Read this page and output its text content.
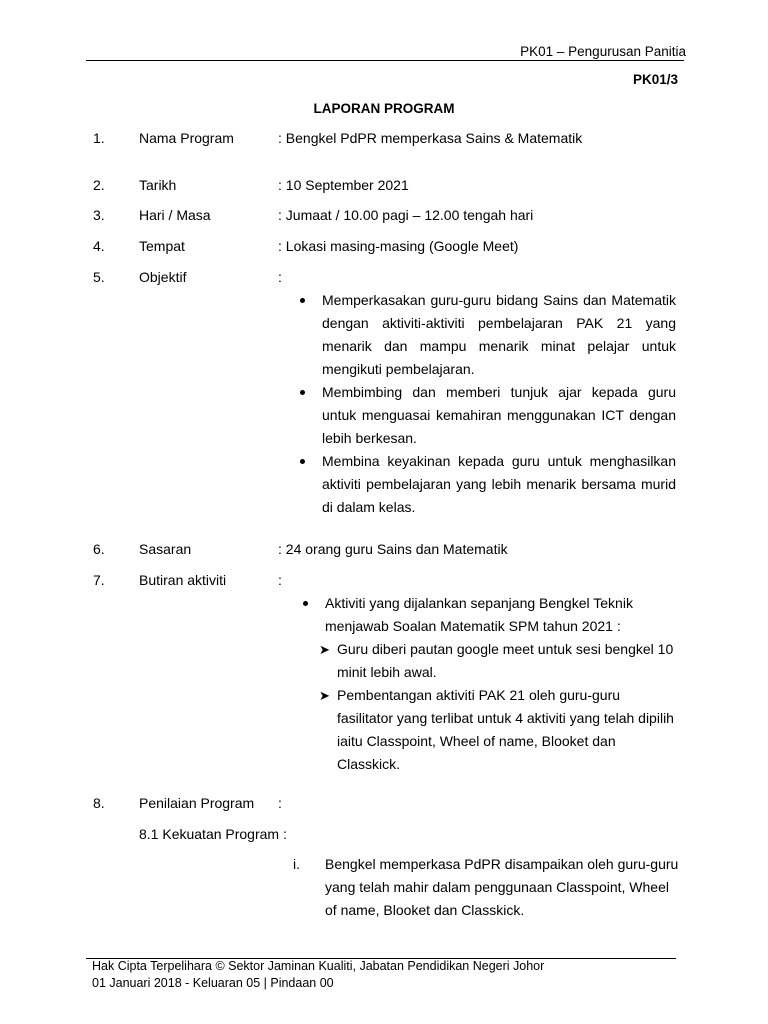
PK01 – Pengurusan Panitia
PK01/3
LAPORAN PROGRAM
1. Nama Program	: Bengkel PdPR memperkasa Sains & Matematik
2. Tarikh	: 10 September 2021
3. Hari / Masa	: Jumaat / 10.00 pagi – 12.00 tengah hari
4. Tempat	: Lokasi masing-masing (Google Meet)
5. Objektif	:
Memperkasakan guru-guru bidang Sains dan Matematik dengan aktiviti-aktiviti pembelajaran PAK 21 yang menarik dan mampu menarik minat pelajar untuk mengikuti pembelajaran.
Membimbing dan memberi tunjuk ajar kepada guru untuk menguasai kemahiran menggunakan ICT dengan lebih berkesan.
Membina keyakinan kepada guru untuk menghasilkan aktiviti pembelajaran yang lebih menarik bersama murid di dalam kelas.
6. Sasaran	: 24 orang guru Sains dan Matematik
7. Butiran aktiviti	:
Aktiviti yang dijalankan sepanjang Bengkel Teknik menjawab Soalan Matematik SPM tahun 2021 :
➤ Guru diberi pautan google meet untuk sesi bengkel 10 minit lebih awal.
➤ Pembentangan aktiviti PAK 21 oleh guru-guru fasilitator yang terlibat untuk 4 aktiviti yang telah dipilih iaitu Classpoint, Wheel of name, Blooket dan Classkick.
8. Penilaian Program :
8.1 Kekuatan Program :
i. Bengkel memperkasa PdPR disampaikan oleh guru-guru yang telah mahir dalam penggunaan Classpoint, Wheel of name, Blooket dan Classkick.
Hak Cipta Terpelihara © Sektor Jaminan Kualiti, Jabatan Pendidikan Negeri Johor
01 Januari 2018 - Keluaran 05 | Pindaan 00
